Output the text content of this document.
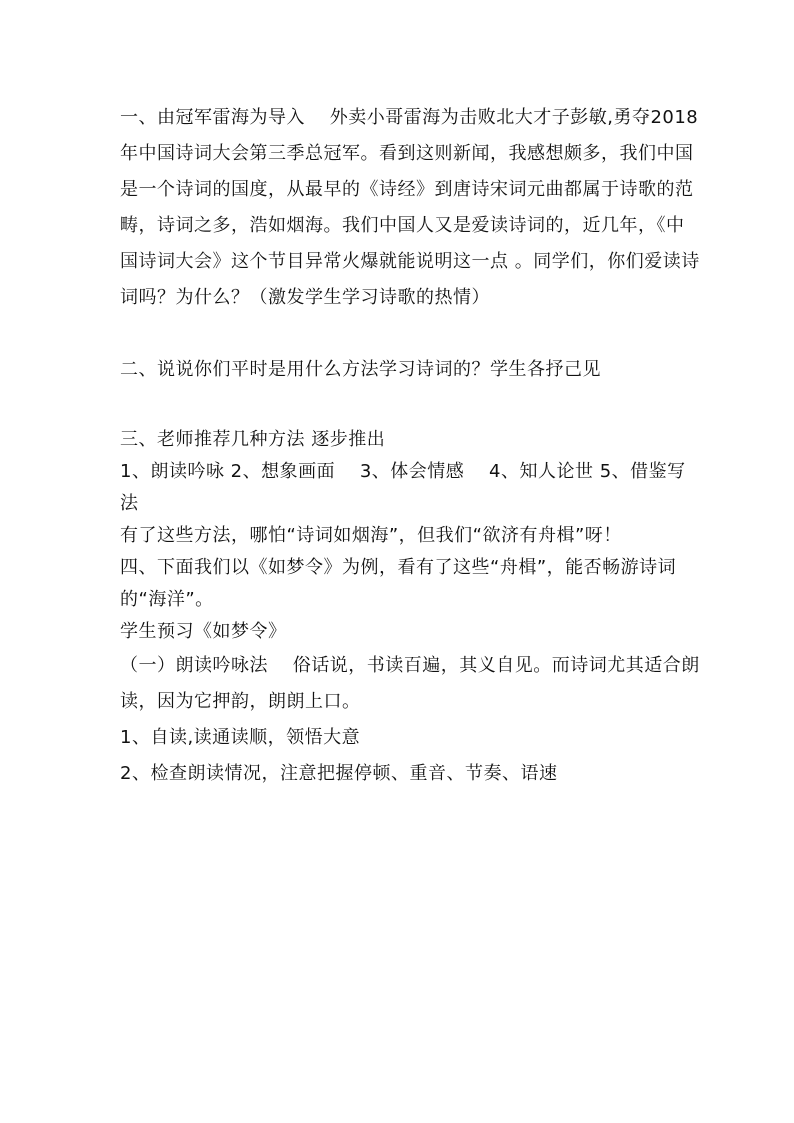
一、由冠军雷海为导入　 外卖小哥雷海为击败北大才子彭敏,勇夺2018年中国诗词大会第三季总冠军。看到这则新闻，我感想颇多，我们中国是一个诗词的国度，从最早的《诗经》到唐诗宋词元曲都属于诗歌的范畴，诗词之多，浩如烟海。我们中国人又是爱读诗词的，近几年，《中国诗词大会》这个节目异常火爆就能说明这一点 。同学们，你们爱读诗词吗？为什么？（激发学生学习诗歌的热情）

二、说说你们平时是用什么方法学习诗词的？学生各抒己见

三、老师推荐几种方法 逐步推出

1、朗读吟咏 2、想象画面　 3、体会情感　 4、知人论世 5、借鉴写法

有了这些方法，哪怕“诗词如烟海”，但我们“欲济有舟楫”呀！

四、下面我们以《如梦令》为例，看有了这些“舟楫”，能否畅游诗词的“海洋”。

学生预习《如梦令》

（一）朗读吟咏法　 俗话说，书读百遍，其义自见。而诗词尤其适合朗读，因为它押韵，朗朗上口。

1、自读,读通读顺，领悟大意

2、检查朗读情况，注意把握停顿、重音、节奏、语速
